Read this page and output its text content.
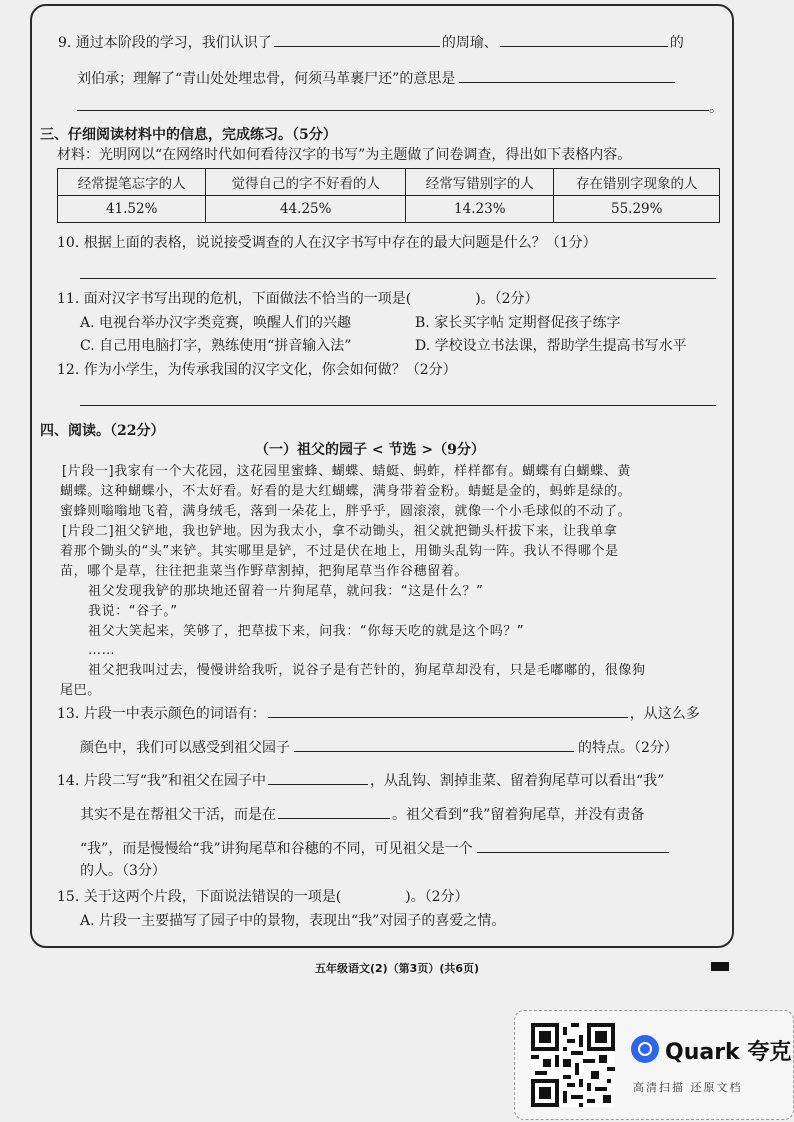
9. 通过本阶段的学习，我们认识了	的周瑜、	的
刘伯承；理解了“青山处处埋忠骨，何须马革裹尸还”的意思是
。
三、仔细阅读材料中的信息，完成练习。（5分）
材料：光明网以“在网络时代如何看待汉字的书写”为主题做了问卷调查，得出如下表格内容。
经常提笔忘字的人	觉得自己的字不好看的人	经常写错别字的人	存在错别字现象的人
41.52%	44.25%	14.23%	55.29%
10. 根据上面的表格，说说接受调查的人在汉字书写中存在的最大问题是什么？（1分）
11. 面对汉字书写出现的危机，下面做法不恰当的一项是(	)。（2分）
A. 电视台举办汉字类竞赛，唤醒人们的兴趣	B. 家长买字帖 定期督促孩子练字
C. 自己用电脑打字，熟练使用“拼音输入法”	D. 学校设立书法课，帮助学生提高书写水平
12. 作为小学生，为传承我国的汉字文化，你会如何做？（2分）
四、阅读。（22分）
（一）祖父的园子 < 节选 >（9分）
[片段一]我家有一个大花园，这花园里蜜蜂、蝴蝶、蜻蜓、蚂蚱，样样都有。蝴蝶有白蝴蝶、黄
蝴蝶。这种蝴蝶小，不太好看。好看的是大红蝴蝶，满身带着金粉。蜻蜓是金的，蚂蚱是绿的。
蜜蜂则嗡嗡地飞着，满身绒毛，落到一朵花上，胖乎乎，圆滚滚，就像一个小毛球似的不动了。
[片段二]祖父铲地，我也铲地。因为我太小，拿不动锄头，祖父就把锄头杆拔下来，让我单拿
着那个锄头的“头”来铲。其实哪里是铲，不过是伏在地上，用锄头乱钩一阵。我认不得哪个是
苗，哪个是草，往往把韭菜当作野草割掉，把狗尾草当作谷穗留着。
祖父发现我铲的那块地还留着一片狗尾草，就问我：“这是什么？”
我说：“谷子。”
祖父大笑起来，笑够了，把草拔下来，问我：“你每天吃的就是这个吗？”
……
祖父把我叫过去，慢慢讲给我听，说谷子是有芒针的，狗尾草却没有，只是毛嘟嘟的，很像狗
尾巴。
13. 片段一中表示颜色的词语有：	，从这么多
颜色中，我们可以感受到祖父园子	的特点。（2分）
14. 片段二写“我”和祖父在园子中	，从乱钩、割掉韭菜、留着狗尾草可以看出“我”
其实不是在帮祖父干活，而是在	。祖父看到“我”留着狗尾草，并没有责备
“我”，而是慢慢给“我”讲狗尾草和谷穗的不同，可见祖父是一个
的人。（3分）
15. 关于这两个片段，下面说法错误的一项是(	)。（2分）
A. 片段一主要描写了园子中的景物，表现出“我”对园子的喜爱之情。
五年级语文(2)（第3页）(共6页)
Quark 夸克
高清扫描 还原文档
